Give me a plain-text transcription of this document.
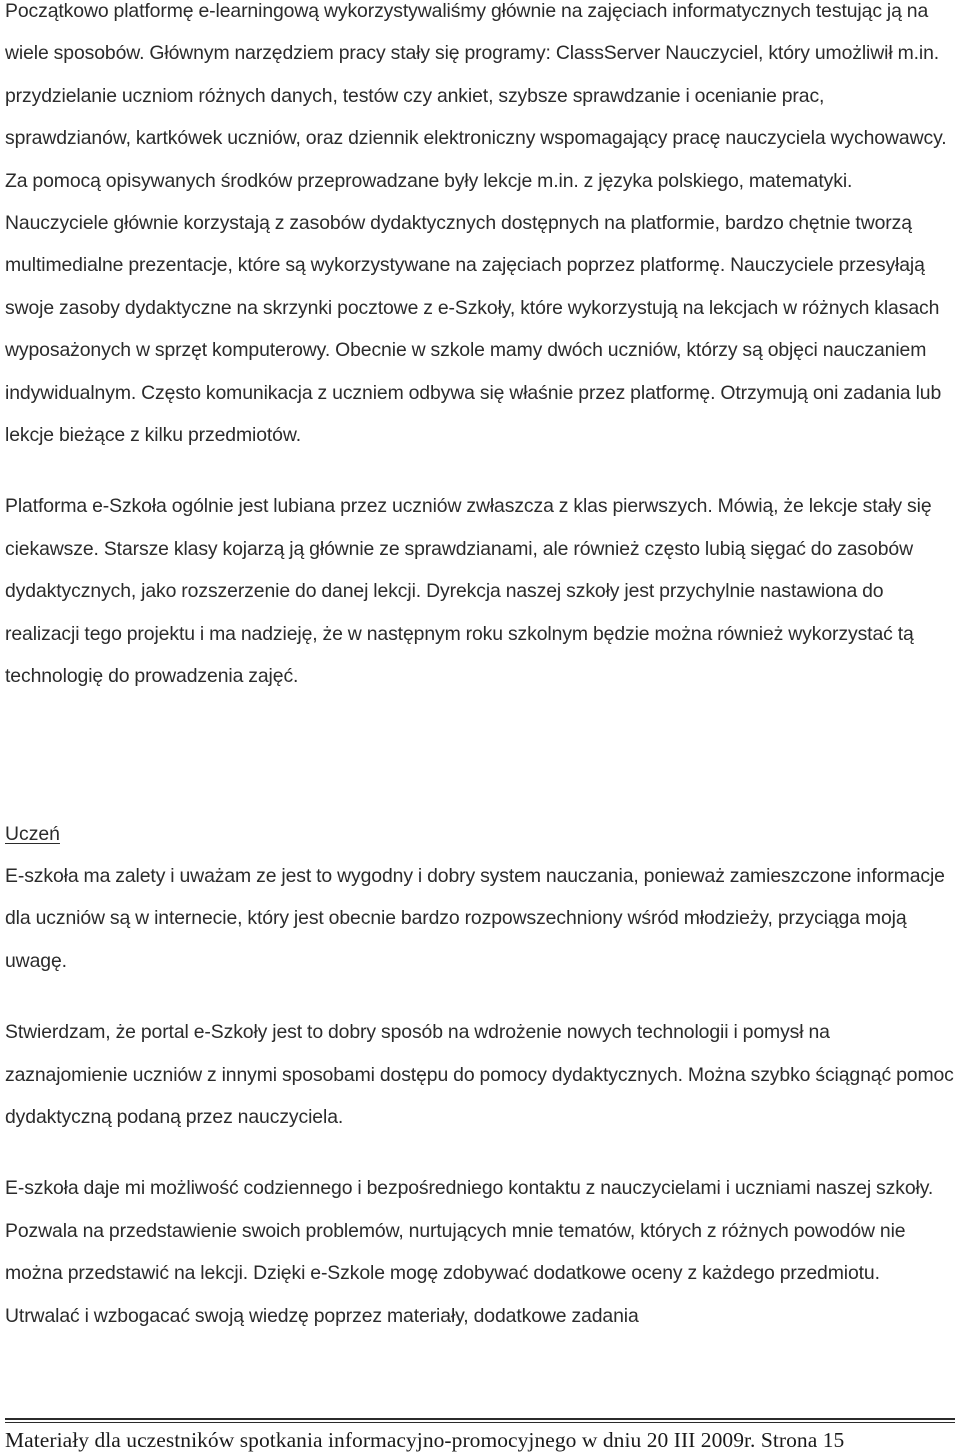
Początkowo platformę e-learningową wykorzystywaliśmy głównie na zajęciach informatycznych testując ją na wiele sposobów. Głównym narzędziem pracy stały się programy: ClassServer Nauczyciel, który umożliwił m.in. przydzielanie uczniom różnych danych, testów czy ankiet, szybsze sprawdzanie i ocenianie prac, sprawdzianów, kartkówek uczniów, oraz dziennik elektroniczny wspomagający pracę nauczyciela wychowawcy. Za pomocą opisywanych środków przeprowadzane były lekcje m.in. z języka polskiego, matematyki. Nauczyciele głównie korzystają z zasobów dydaktycznych dostępnych na platformie, bardzo chętnie tworzą multimedialne prezentacje, które są wykorzystywane na zajęciach poprzez platformę. Nauczyciele przesyłają swoje zasoby dydaktyczne na skrzynki pocztowe z e-Szkoły, które wykorzystują na lekcjach w różnych klasach wyposażonych w sprzęt komputerowy. Obecnie w szkole mamy dwóch uczniów, którzy są objęci nauczaniem indywidualnym. Często komunikacja z uczniem odbywa się właśnie przez platformę. Otrzymują oni zadania lub lekcje bieżące z kilku przedmiotów.

Platforma e-Szkoła ogólnie jest lubiana przez uczniów zwłaszcza z klas pierwszych. Mówią, że lekcje stały się ciekawsze. Starsze klasy kojarzą ją głównie ze sprawdzianami, ale również często lubią sięgać do zasobów dydaktycznych, jako rozszerzenie do danej lekcji. Dyrekcja naszej szkoły jest przychylnie nastawiona do realizacji tego projektu i ma nadzieję, że w następnym roku szkolnym będzie można również wykorzystać tą technologię do prowadzenia zajęć.

Uczeń

E-szkoła ma zalety i uważam ze jest to wygodny i dobry system nauczania, ponieważ zamieszczone informacje dla uczniów są w internecie, który jest obecnie bardzo rozpowszechniony wśród młodzieży, przyciąga moją uwagę.

Stwierdzam, że portal e-Szkoły jest to dobry sposób na wdrożenie nowych technologii i pomysł na zaznajomienie uczniów z innymi sposobami dostępu do pomocy dydaktycznych. Można szybko ściągnąć pomoc dydaktyczną podaną przez nauczyciela.

E-szkoła daje mi możliwość codziennego i bezpośredniego kontaktu z nauczycielami i uczniami naszej szkoły. Pozwala na przedstawienie swoich problemów, nurtujących mnie tematów, których z różnych powodów nie można przedstawić na lekcji. Dzięki e-Szkole mogę zdobywać dodatkowe oceny z każdego przedmiotu. Utrwalać i wzbogacać swoją wiedzę poprzez materiały, dodatkowe zadania

Materiały dla uczestników spotkania informacyjno-promocyjnego w dniu 20 III 2009r. Strona 15
